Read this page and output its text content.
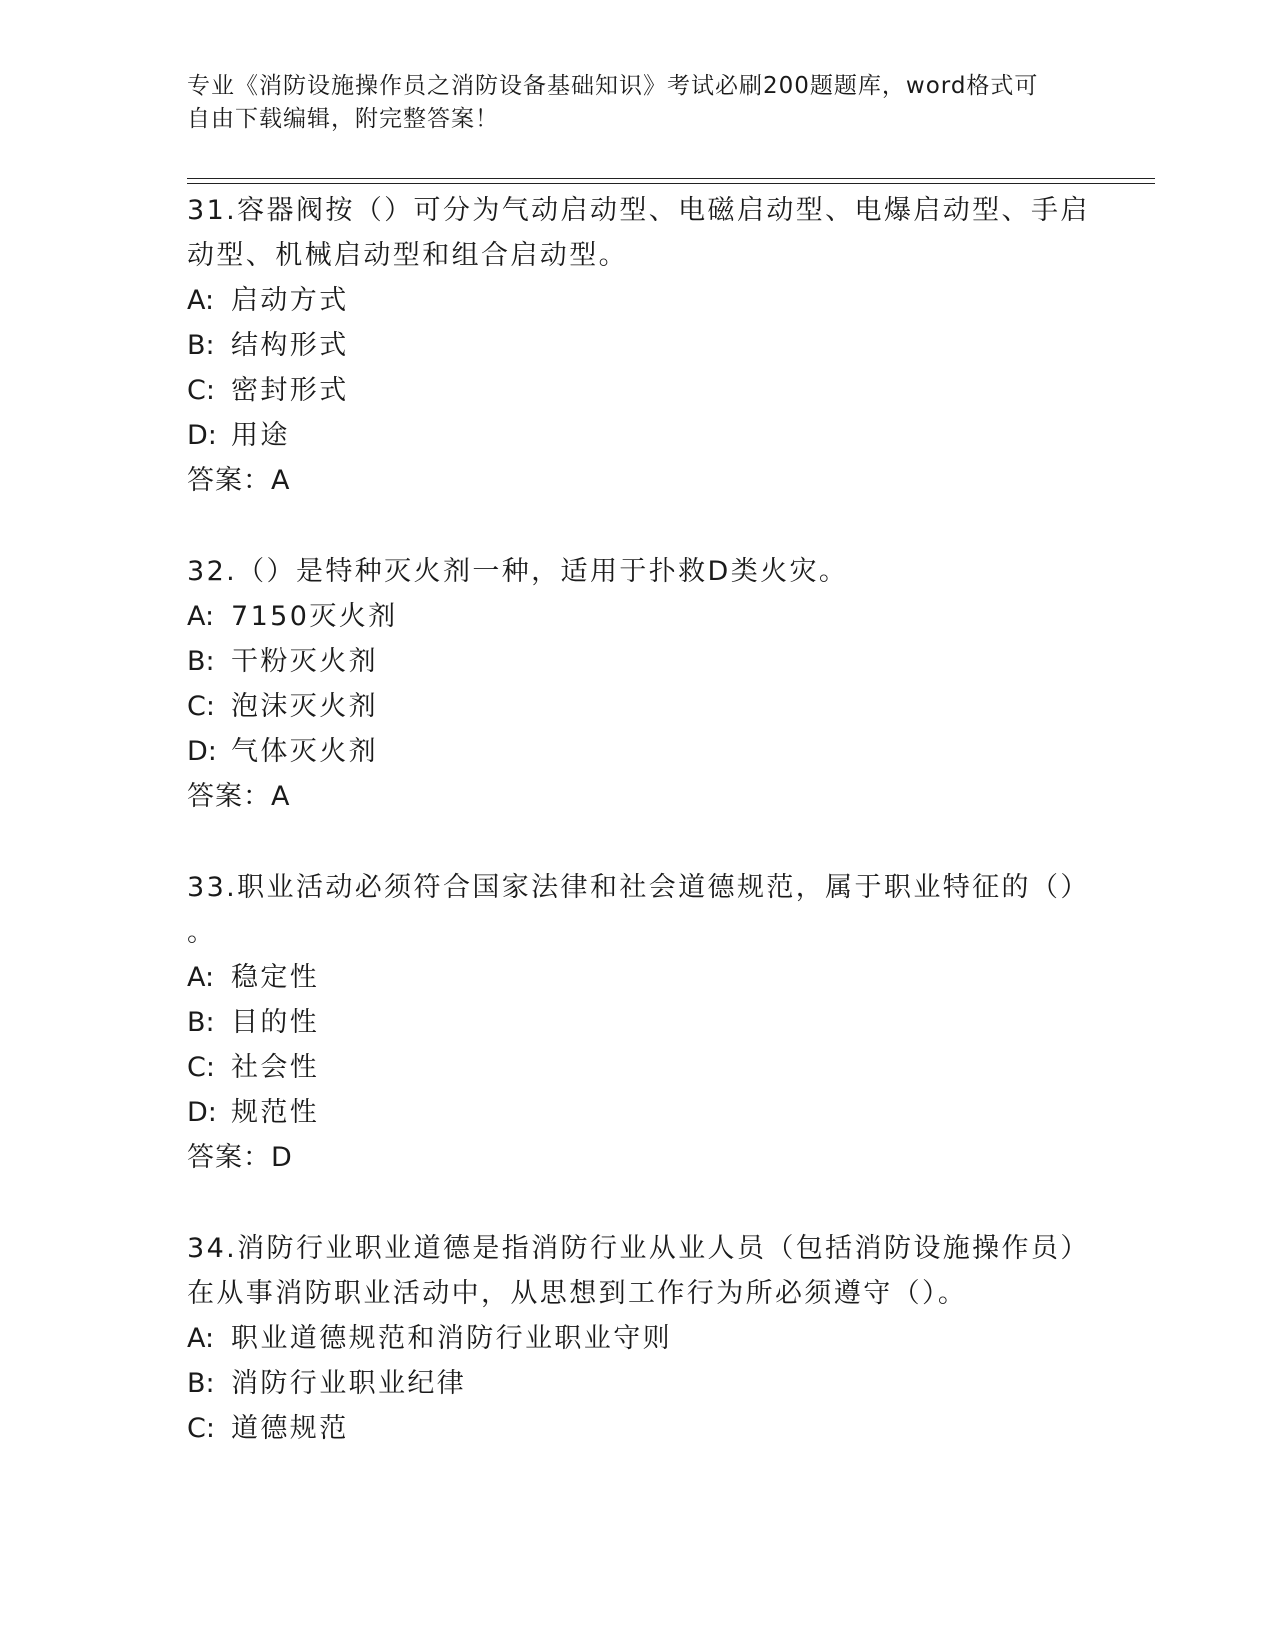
专业《消防设施操作员之消防设备基础知识》考试必刷200题题库，word格式可
自由下载编辑，附完整答案！
31.容器阀按（）可分为气动启动型、电磁启动型、电爆启动型、手启
动型、机械启动型和组合启动型。
A: 启动方式
B: 结构形式
C: 密封形式
D: 用途
答案：A
32.（）是特种灭火剂一种，适用于扑救D类火灾。
A: 7150灭火剂
B: 干粉灭火剂
C: 泡沫灭火剂
D: 气体灭火剂
答案：A
33.职业活动必须符合国家法律和社会道德规范，属于职业特征的（）
。
A: 稳定性
B: 目的性
C: 社会性
D: 规范性
答案：D
34.消防行业职业道德是指消防行业从业人员（包括消防设施操作员）
在从事消防职业活动中，从思想到工作行为所必须遵守（）。
A: 职业道德规范和消防行业职业守则
B: 消防行业职业纪律
C: 道德规范
